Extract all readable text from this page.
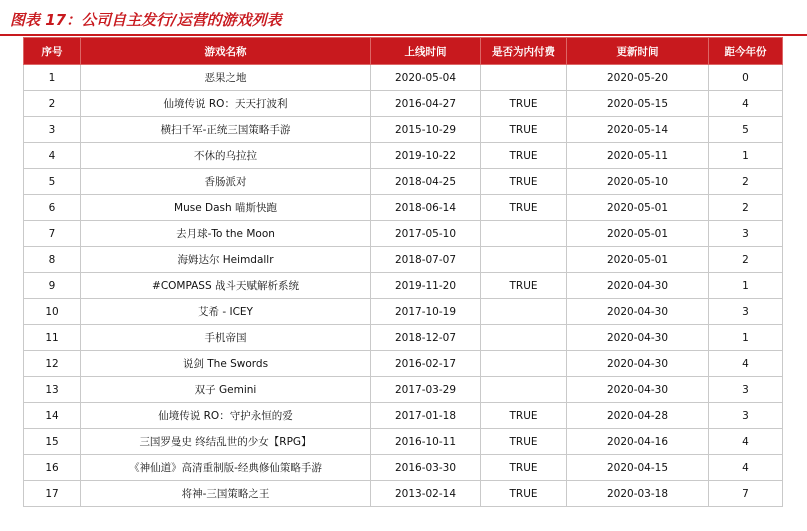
图表 17：公司自主发行/运营的游戏列表
序号	游戏名称	上线时间	是否为内付费	更新时间	距今年份
1	恶果之地	2020-05-04		2020-05-20	0
2	仙境传说 RO：天天打波利	2016-04-27	TRUE	2020-05-15	4
3	横扫千军-正统三国策略手游	2015-10-29	TRUE	2020-05-14	5
4	不休的乌拉拉	2019-10-22	TRUE	2020-05-11	1
5	香肠派对	2018-04-25	TRUE	2020-05-10	2
6	Muse Dash 喵斯快跑	2018-06-14	TRUE	2020-05-01	2
7	去月球-To the Moon	2017-05-10		2020-05-01	3
8	海姆达尔 Heimdallr	2018-07-07		2020-05-01	2
9	#COMPASS 战斗天赋解析系统	2019-11-20	TRUE	2020-04-30	1
10	艾希 - ICEY	2017-10-19		2020-04-30	3
11	手机帝国	2018-12-07		2020-04-30	1
12	说剑 The Swords	2016-02-17		2020-04-30	4
13	双子 Gemini	2017-03-29		2020-04-30	3
14	仙境传说 RO：守护永恒的爱	2017-01-18	TRUE	2020-04-28	3
15	三国罗曼史 终结乱世的少女【RPG】	2016-10-11	TRUE	2020-04-16	4
16	《神仙道》高清重制版-经典修仙策略手游	2016-03-30	TRUE	2020-04-15	4
17	将神-三国策略之王	2013-02-14	TRUE	2020-03-18	7
